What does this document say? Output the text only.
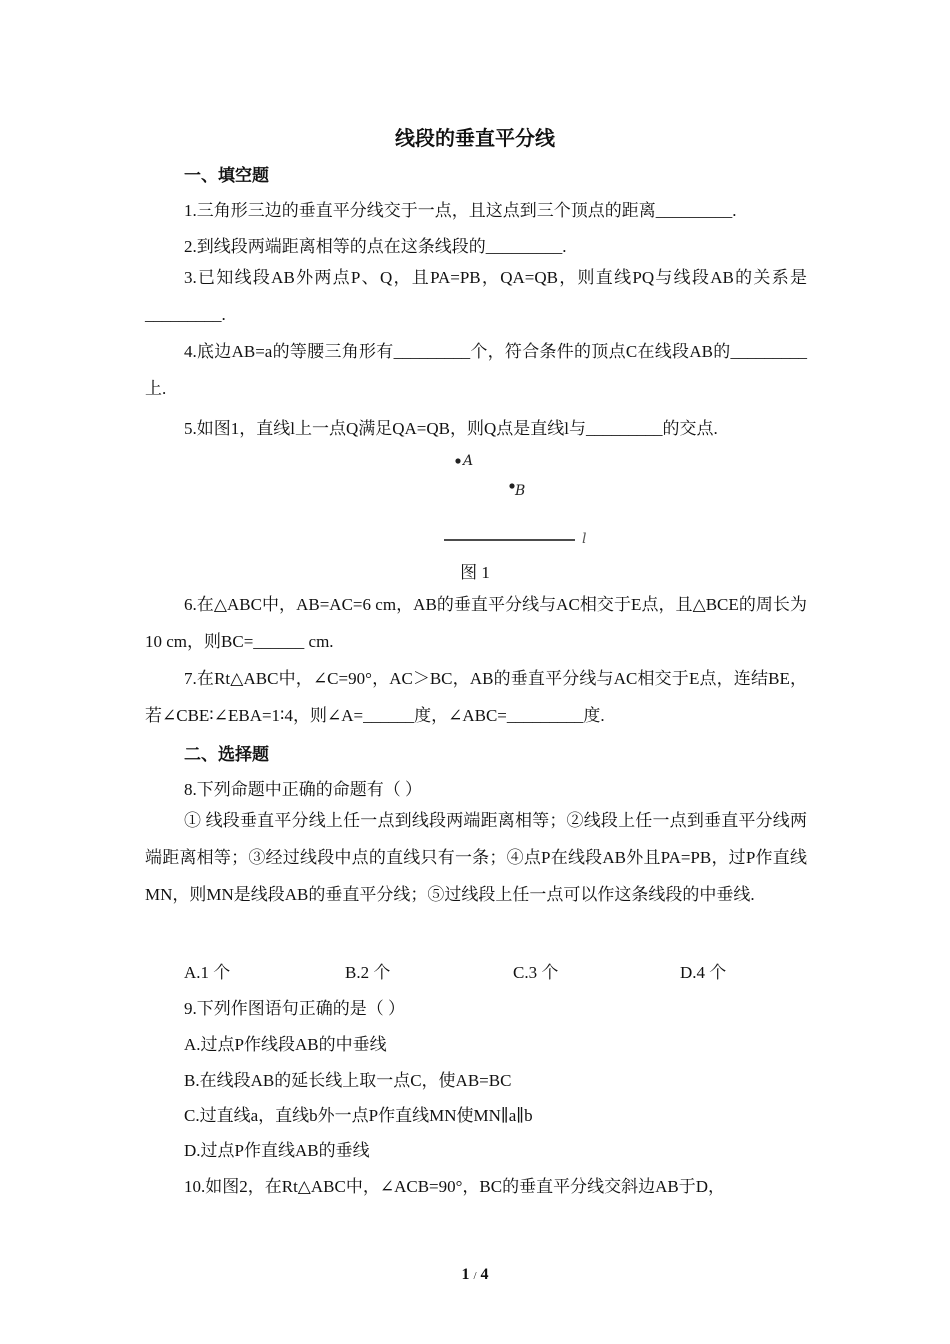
线段的垂直平分线

一、填空题

1.三角形三边的垂直平分线交于一点，且这点到三个顶点的距离_________.

2.到线段两端距离相等的点在这条线段的_________.

3.已知线段AB外两点P、Q，且PA=PB，QA=QB，则直线PQ与线段AB的关系是_________.

4.底边AB=a的等腰三角形有_________个，符合条件的顶点C在线段AB的_________上.

5.如图1，直线l上一点Q满足QA=QB，则Q点是直线l与_________的交点.

A
B
l

图 1

6.在△ABC中，AB=AC=6 cm，AB的垂直平分线与AC相交于E点，且△BCE的周长为10 cm，则BC=______ cm.

7.在Rt△ABC中，∠C=90°，AC＞BC，AB的垂直平分线与AC相交于E点，连结BE，若∠CBE∶∠EBA=1∶4，则∠A=______度，∠ABC=_________度.

二、选择题

8.下列命题中正确的命题有（ ）

① 线段垂直平分线上任一点到线段两端距离相等；②线段上任一点到垂直平分线两端距离相等；③经过线段中点的直线只有一条；④点P在线段AB外且PA=PB，过P作直线MN，则MN是线段AB的垂直平分线；⑤过线段上任一点可以作这条线段的中垂线.

A.1 个	B.2 个	C.3 个	D.4 个

9.下列作图语句正确的是（ ）

A.过点P作线段AB的中垂线

B.在线段AB的延长线上取一点C，使AB=BC

C.过直线a，直线b外一点P作直线MN使MN∥a∥b

D.过点P作直线AB的垂线

10.如图2，在Rt△ABC中，∠ACB=90°，BC的垂直平分线交斜边AB于D，

1 / 4
